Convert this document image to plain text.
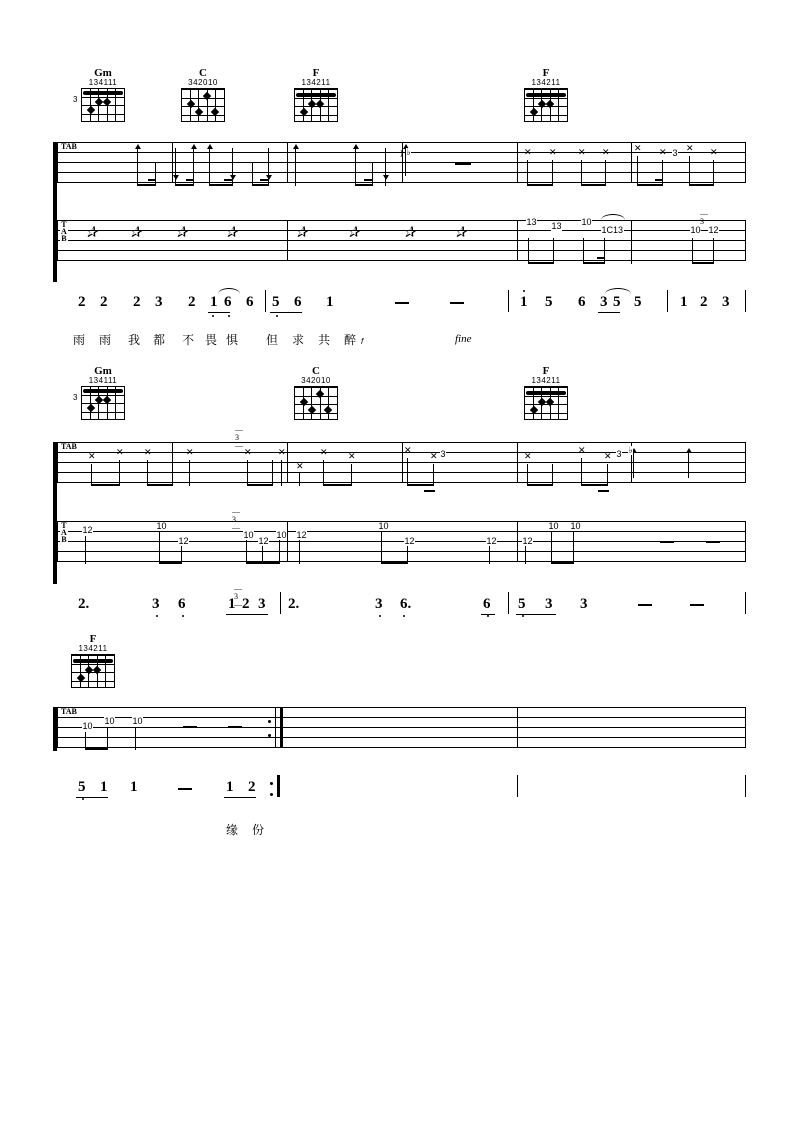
Gm
134111
3
C
342010
F
134211
F
134211
TAB
T
A
B
⟩ ♭	✕ ✕ ✕ ✕	✕ ✕ ✕ ✕
3
✰ ✰ ✰ ✰	✰ ✰	✰ ✰
13 13 10
1C13	10 12
—3—
2 2 2 3 2 1 6 6 5 6 1	1 5 6 3 5 5	1 2 3
雨 雨 我 都 不 畏 惧 但 求 共 醉 f	fine
Gm
134111
3
C
342010
F
134211
TAB
T
A
B
✕ ✕ ✕	✕	✕	✕
✕
✕ ✕
✕
✕	✕
✕
✕
3	3
—3—	♭
12	10
12
10
12
10 12
10
12	12	12
10 10
—3—
2.	3 6	1 2 3
—3—	2.	3 6.	6 5 3 3
F
134211
TAB
10 10 10
5 1 1	1 2
缘 份
